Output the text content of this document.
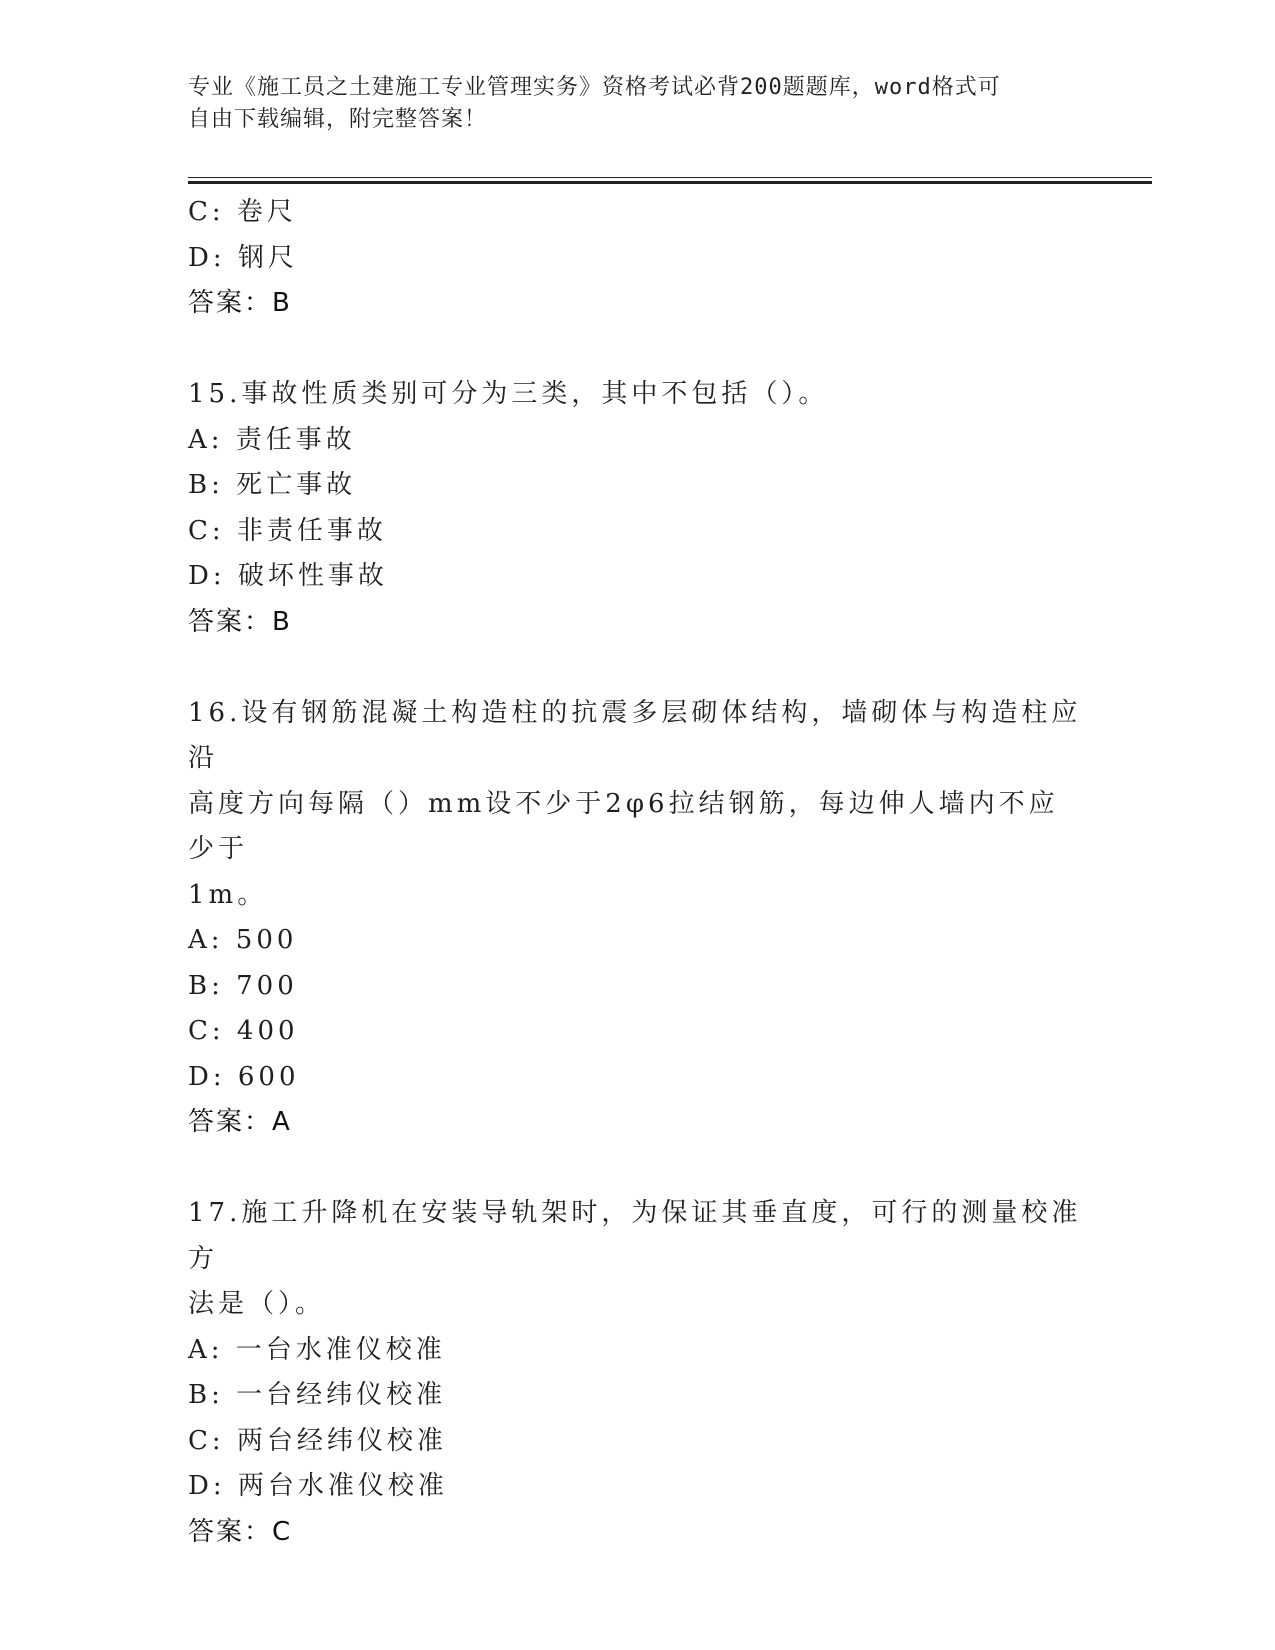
专业《施工员之土建施工专业管理实务》资格考试必背200题题库，word格式可
自由下载编辑，附完整答案！
C: 卷尺
D: 钢尺
答案：B
15.事故性质类别可分为三类，其中不包括（）。
A: 责任事故
B: 死亡事故
C: 非责任事故
D: 破坏性事故
答案：B
16.设有钢筋混凝土构造柱的抗震多层砌体结构，墙砌体与构造柱应沿
高度方向每隔（）mm设不少于2φ6拉结钢筋，每边伸人墙内不应少于
1m。
A: 500
B: 700
C: 400
D: 600
答案：A
17.施工升降机在安装导轨架时，为保证其垂直度，可行的测量校准方
法是（）。
A: 一台水准仪校准
B: 一台经纬仪校准
C: 两台经纬仪校准
D: 两台水准仪校准
答案：C
